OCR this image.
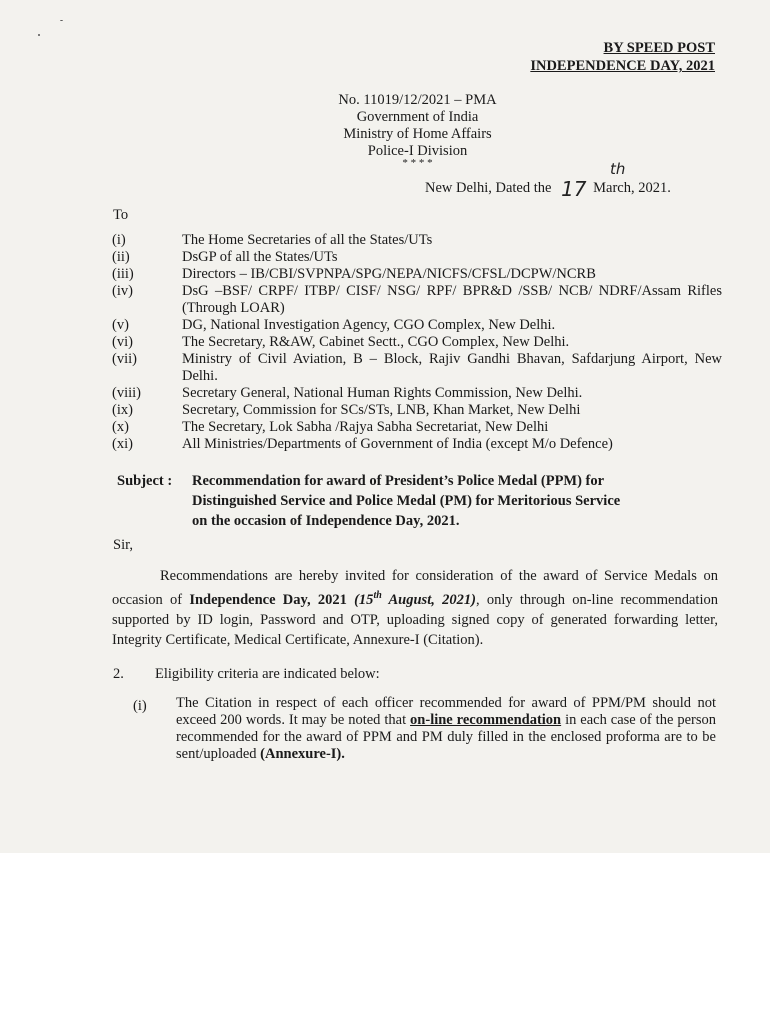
BY SPEED POST
INDEPENDENCE DAY, 2021
No. 11019/12/2021 – PMA
Government of India
Ministry of Home Affairs
Police-I Division
* * * *
New Delhi, Dated the 17
th
March, 2021.
To
(i)	The Home Secretaries of all the States/UTs
(ii)	DsGP of all the States/UTs
(iii)	Directors – IB/CBI/SVPNPA/SPG/NEPA/NICFS/CFSL/DCPW/NCRB
(iv)	DsG –BSF/ CRPF/ ITBP/ CISF/ NSG/ RPF/ BPR&D /SSB/ NCB/ NDRF/Assam Rifles (Through LOAR)
(v)	DG, National Investigation Agency, CGO Complex, New Delhi.
(vi)	The Secretary, R&AW, Cabinet Sectt., CGO Complex, New Delhi.
(vii)	Ministry of Civil Aviation, B – Block, Rajiv Gandhi Bhavan, Safdarjung Airport, New Delhi.
(viii)	Secretary General, National Human Rights Commission, New Delhi.
(ix)	Secretary, Commission for SCs/STs, LNB, Khan Market, New Delhi
(x)	The Secretary, Lok Sabha /Rajya Sabha Secretariat, New Delhi
(xi)	All Ministries/Departments of Government of India (except M/o Defence)
Subject : Recommendation for award of President’s Police Medal (PPM) for
Distinguished Service and Police Medal (PM) for Meritorious Service
on the occasion of Independence Day, 2021.
Sir,
Recommendations are hereby invited for consideration of the award of Service Medals on occasion of Independence Day, 2021 (15th August, 2021), only through on-line recommendation supported by ID login, Password and OTP, uploading signed copy of generated forwarding letter, Integrity Certificate, Medical Certificate, Annexure-I (Citation).
2. Eligibility criteria are indicated below:
(i) The Citation in respect of each officer recommended for award of PPM/PM should not exceed 200 words. It may be noted that on-line recommendation in each case of the person recommended for the award of PPM and PM duly filled in the enclosed proforma are to be sent/uploaded (Annexure-I).
